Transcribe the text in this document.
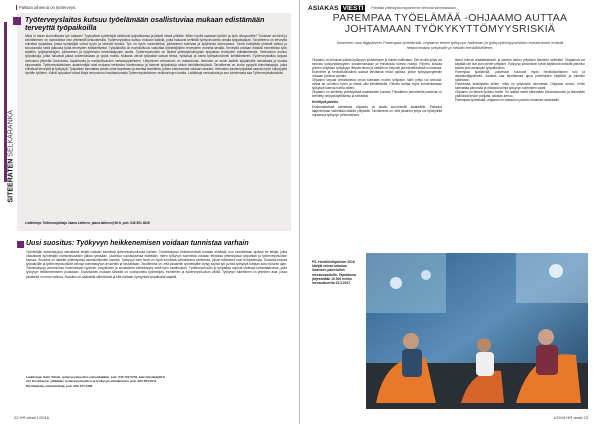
Palstan aiheena on työterveys.
SITEERATEN SELKÄRANKA
Työterveyslaitos kutsuu työelämään osallistuviaa mukaan edistämään terveyttä työpaikoilla
Miksi ei tasan kuormittavaa työ vastaan? Tyytyväiset työntekijät valitsevat työpaikkansa ja jäävät niissä pitkään. Miten hyvää saadaan työhön ja työn ulkopuolelle? Tuloksen arviointi ja kehittäminen on mahdollista vain yhteisellä keskustelulla. Työterveyslaitos kutsuu mukaan kaikkia, jotka haluavat kehittää työhyvinvointia omalla työpaikallaan. Tavoitteena on terveyttä edistävä työpaikka, jossa työntekijät voivat hyvin ja tekevät tulosta. Työ on hyvin suunniteltua, johtaminen toimivaa ja työyhteisö kannustava. Tämä edellyttää yhteistä tahtoa ja sitoutumista sekä jatkuvaa työtä terveyden edistämiseksi. Työpaikoilla on mahdollisuus vaikuttaa työntekijöiden terveyteen monella tavalla. Terveyttä voidaan edistää esimerkiksi työn sisällön, työjärjestelyjen, johtamisen ja työyhteisön toimintatapojen avulla. Työterveyshuolto on tärkeä yhteistyökumppani työpaikan terveyden edistämisessä. Verkostoon kuuluu työpaikkoja, jotka haluavat jakaa kokemuksiaan ja oppia muilta. Mukana olevat työpaikat saavat tietoa, työkaluja ja tukea työhyvinvoinnin kehittämiseen. Työterveyslaitos tarjoaa verkoston jäsenille koulutusta, tapahtumia ja mahdollisuuden vertaisoppimiseen. Liittyminen verkostoon on maksutonta. Verkosto on avoin kaikille työpaikoille toimialasta ja koosta riippumatta. Työterveyslaitoksen asiantuntijat ovat mukana verkoston toiminnassa ja tukevat työpaikkoja niiden kehittämistyössä. Tavoitteena on luoda pysyviä toimintatapoja, jotka edistävät terveyttä ja työkykyä. Työpaikan kannattaa pohtia omia tarpeitaan ja asettaa tavoitteita, joiden toteutumista voidaan seurata. Verkoston kautta työpaikat saavat myös näkyvyyttä hyvälle työlleen. Kaikki työpaikat voivat liittyä verkostoon ilmoittautumalla Työterveyslaitoksen verkkosivujen kautta. Lisätietoja verkostosta ja sen toiminnasta saa Työterveyslaitokselta.
Lisätietoja: Tutkimusjohtaja Jaana Laitinen, jaana.laitinen@ttl.fi, puh. 046 851 4826
Uusi suositus: Työkyvyn heikkenemisen voidaan tunnistaa varhain
Työntekijän toimintakykyä vaikuttavat tekijät voidaan tunnistaa työterveyshuollossa varhain. Toimintakyvyn heikkenemistä voidaan ehkäistä, kun tunnistetaan ajoissa ne tekijät, jotka vaikuttavat työntekijän mahdollisuuksiin jatkaa työssään. Uudessa suosituksessa esitetään, miten työkyvyn tukemista voidaan tehostaa yhteistyössä työpaikan ja työterveyshuollon kanssa. Suositus on laadittu yhteistyössä asiantuntijoiden kanssa. Työkyvyn tuen tarve on hyvä tunnistaa varhaisessa vaiheessa, jolloin tukitoimet ovat tehokkaimpia. Suositus tarjoaa työpaikoille ja työterveyshuolloille keinoja toimintakyvyn arviointiin ja seurantaan. Tavoitteena on, että jokaiselle työntekijälle löytyy sopiva työ ja että työkykyä tuetaan koko työuran ajan. Toimintakyvyn arvioinnissa huomioidaan fyysinen, psyykkinen ja sosiaalinen toimintakyky sekä työn vaatimukset. Työterveyshuolto ja työpaikka sopivat yhdessä toimintatavoista, joilla työkyvyn heikkenemiseen puututaan. Suosituksen mukaan tärkeää on vuoropuhelu työntekijän, esimiehen ja työterveyshuollon välillä. Työkyvyn tukeminen on yhteinen asia, jossa jokaisella on oma roolinsa. Suositus on saatavilla sähköisesti ja sitä voidaan hyödyntää työpaikoilla laajasti.
Lisätietoja: Katri Tiitola, työterveyshuollon erikoislääkäri, puh. 040 722 5740, katri.tiitola(at)ttl.fi
Airi Koskiniemi, ylilääkäri, työterveyshuollon ja työkyvyn edistäminen, puh. 030 564 2511
Pia Rauhala, erikoistutkija, puh. 030 474 2456
22 HR viesti 1/2016
ASIAKAS VIESTI	Palstalla yhteistyökumppanimme kertovat toiminnastaan.
PAREMPAA TYÖELÄMÄÄ -OHJAAMO AUTTAA JOHTAMAAN TYÖKYKYTTÖMYYSRISKIÄ
Ilmarinen uusi digipalvelu Parempaa työelämää -ohjaamo tekee työkyvyn hallinnan ja työkyvyttömyysriskien ennakoinnin entistä helpommaksi yrityksille ja heidän henkilöstölleen.

Ohjaamo on tehokas työkalu työkyvyn johtamiseen ja riskien hallintaan. Sen avulla yritys voi seurata työkyvyttömyyden kustannuksiaan ja ennakoida tulevia riskejä. Palvelu kokoaa yhteen yrityksen työkykyyn liittyvät tiedot ja esittää ne helposti ymmärrettävässä muodossa. Esimiehet ja henkilöstöhallinto saavat tarvittavat tiedot ajoissa, jolloin työkykyongelmiin voidaan puuttua varhain.

Ohjaamo tarjoaa vertailutietoa oman toimialan muihin yrityksiin. Näin yritys voi arvioida, missä se onnistuu hyvin ja missä olisi kehitettävää. Palvelu auttaa myös kohdentamaan työkykyä tukevia toimia oikein.

Ohjaamo on kehitetty yhteistyössä asiakkaiden kanssa. Palautteen perusteella palvelua on kehitetty helppokäyttöiseksi ja selkeäksi.

Kehittyvä palvelu

Ensimmäisessä vaiheessa ohjaamo on avattu suurimmille asiakkaille. Palvelua laajennetaan vaiheittain kaikille yrityksille. Tavoitteena on, että jokainen yritys voi hyödyntää ohjaamoa työkyvyn johtamisessa.

tiedot tulevat reaaliaikaisesti, ja palvelu kertoo yrityksen tilanteen selkeästi. Ohjaamoa voi käyttää niin isot kuin pienet yritykset. Työkyvyn johtamisen hyvät käytännöt leviävät palvelun kautta yhä useampiin työpaikkoihin.

Parempaa työelämää -palveluun kuuluvat myös henkilökohtainen tuki ja asiantuntijapalvelut. Asiakas saa tarvittaessa apua palveluiden käyttöön ja tulosten tulkintaan.

Palvelussa keskitytään siihen, mikä on yritykselle olennaista. Ohjaamo kertoo, mihin kannattaa panostaa ja millaisia toimia työkyvyn tukeminen vaatii.

Ohjaamo on tärkeä työkalu meille. Se auttaa meitä näkemään kokonaisuuden ja tekemään päätöksiä tiedon pohjalta, asiakas kertoo.

Parempaa työelämää -ohjaamo on maksuton palvelu Ilmarisen asiakkaille.

PS. Henkilöstöpäivien 2016 kävijät voivat tutustua Ilmarisen palveluihin messuosastolla. Tapahtuma järjestetään 10.000 neliön messualueella 23.3.2017.
1/2016 HR viesti 23
